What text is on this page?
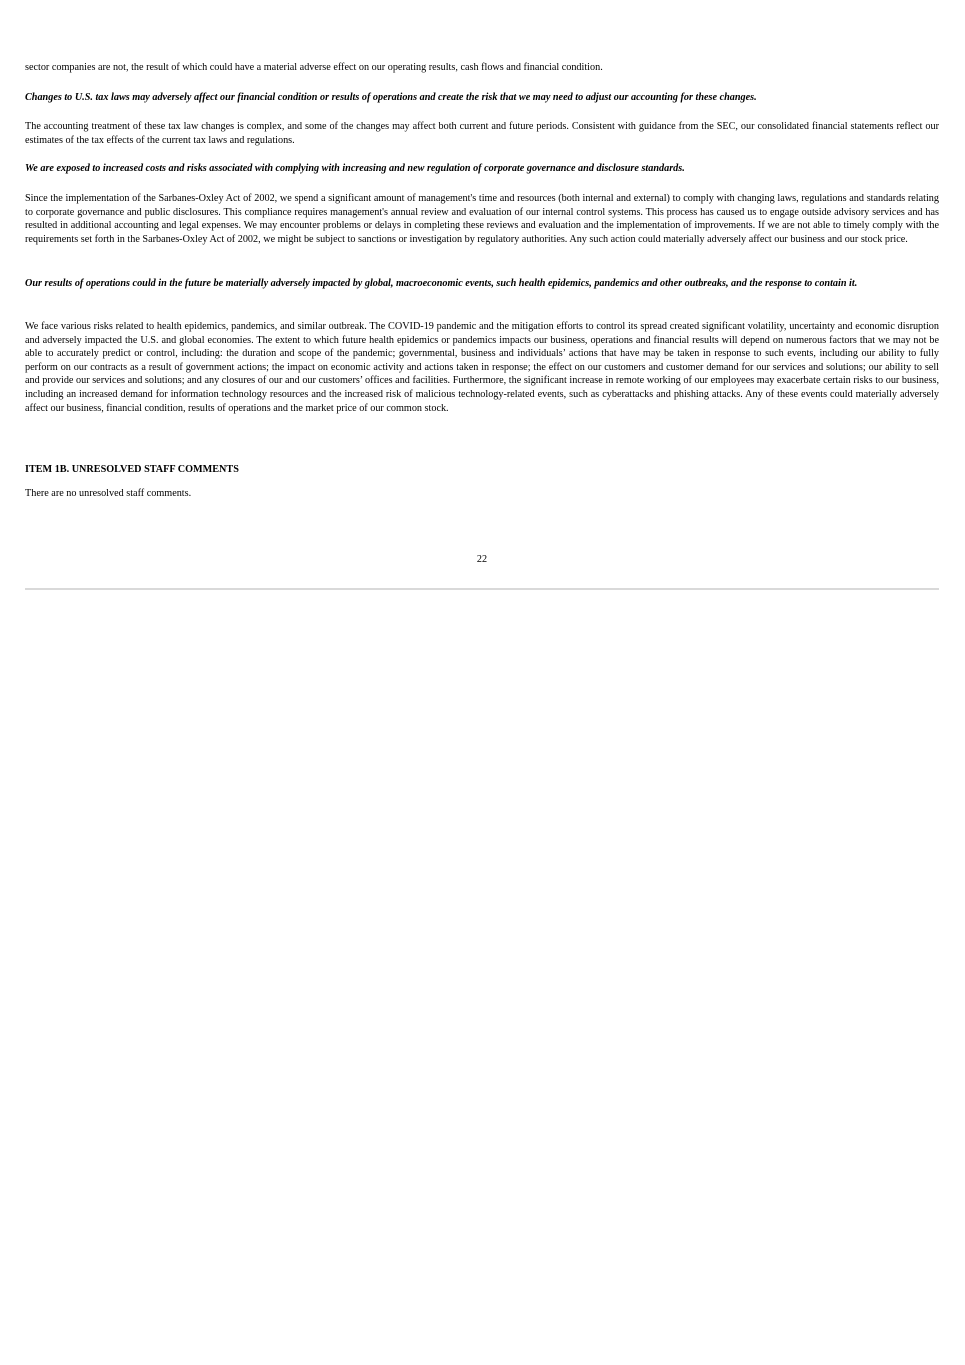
sector companies are not, the result of which could have a material adverse effect on our operating results, cash flows and financial condition.

Changes to U.S. tax laws may adversely affect our financial condition or results of operations and create the risk that we may need to adjust our accounting for these changes.

The accounting treatment of these tax law changes is complex, and some of the changes may affect both current and future periods. Consistent with guidance from the SEC, our consolidated financial statements reflect our estimates of the tax effects of the current tax laws and regulations.

We are exposed to increased costs and risks associated with complying with increasing and new regulation of corporate governance and disclosure standards.

Since the implementation of the Sarbanes-Oxley Act of 2002, we spend a significant amount of management's time and resources (both internal and external) to comply with changing laws, regulations and standards relating to corporate governance and public disclosures. This compliance requires management's annual review and evaluation of our internal control systems. This process has caused us to engage outside advisory services and has resulted in additional accounting and legal expenses. We may encounter problems or delays in completing these reviews and evaluation and the implementation of improvements. If we are not able to timely comply with the requirements set forth in the Sarbanes-Oxley Act of 2002, we might be subject to sanctions or investigation by regulatory authorities. Any such action could materially adversely affect our business and our stock price.

Our results of operations could in the future be materially adversely impacted by global, macroeconomic events, such health epidemics, pandemics and other outbreaks, and the response to contain it.

We face various risks related to health epidemics, pandemics, and similar outbreak. The COVID-19 pandemic and the mitigation efforts to control its spread created significant volatility, uncertainty and economic disruption and adversely impacted the U.S. and global economies. The extent to which future health epidemics or pandemics impacts our business, operations and financial results will depend on numerous factors that we may not be able to accurately predict or control, including: the duration and scope of the pandemic; governmental, business and individuals’ actions that have may be taken in response to such events, including our ability to fully perform on our contracts as a result of government actions; the impact on economic activity and actions taken in response; the effect on our customers and customer demand for our services and solutions; our ability to sell and provide our services and solutions; and any closures of our and our customers’ offices and facilities. Furthermore, the significant increase in remote working of our employees may exacerbate certain risks to our business, including an increased demand for information technology resources and the increased risk of malicious technology-related events, such as cyberattacks and phishing attacks. Any of these events could materially adversely affect our business, financial condition, results of operations and the market price of our common stock.

ITEM 1B. UNRESOLVED STAFF COMMENTS

There are no unresolved staff comments.

22
